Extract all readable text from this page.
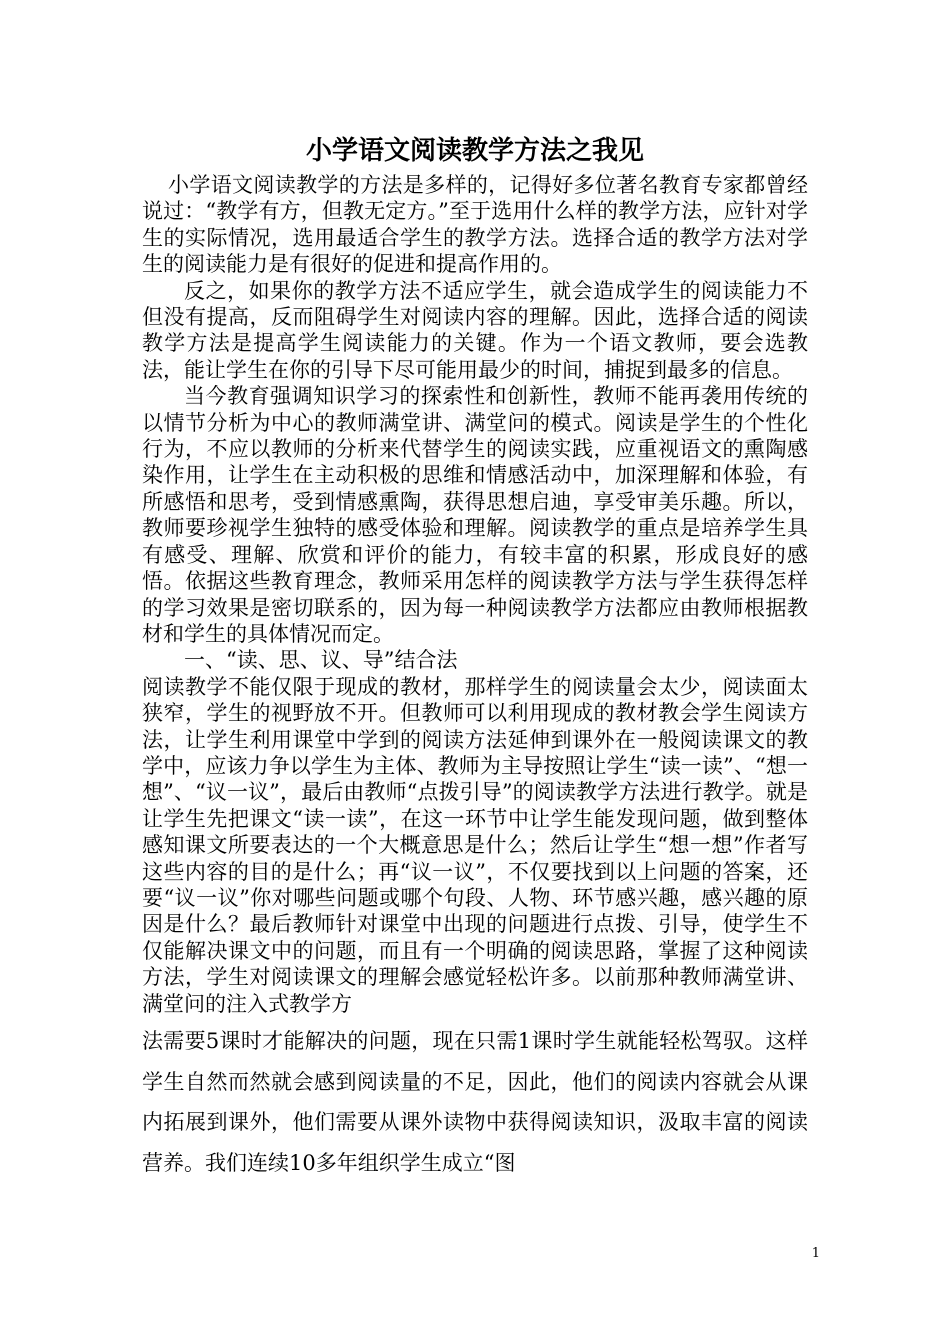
小学语文阅读教学方法之我见

小学语文阅读教学的方法是多样的，记得好多位著名教育专家都曾经说过：“教学有方，但教无定方。”至于选用什么样的教学方法，应针对学生的实际情况，选用最适合学生的教学方法。选择合适的教学方法对学生的阅读能力是有很好的促进和提高作用的。

反之，如果你的教学方法不适应学生，就会造成学生的阅读能力不但没有提高，反而阻碍学生对阅读内容的理解。因此，选择合适的阅读教学方法是提高学生阅读能力的关键。作为一个语文教师，要会选教法，能让学生在你的引导下尽可能用最少的时间，捕捉到最多的信息。

当今教育强调知识学习的探索性和创新性，教师不能再袭用传统的以情节分析为中心的教师满堂讲、满堂问的模式。阅读是学生的个性化行为，不应以教师的分析来代替学生的阅读实践，应重视语文的熏陶感染作用，让学生在主动积极的思维和情感活动中，加深理解和体验，有所感悟和思考，受到情感熏陶，获得思想启迪，享受审美乐趣。所以，教师要珍视学生独特的感受体验和理解。阅读教学的重点是培养学生具有感受、理解、欣赏和评价的能力，有较丰富的积累，形成良好的感悟。依据这些教育理念，教师采用怎样的阅读教学方法与学生获得怎样的学习效果是密切联系的，因为每一种阅读教学方法都应由教师根据教材和学生的具体情况而定。

一、“读、思、议、导”结合法

阅读教学不能仅限于现成的教材，那样学生的阅读量会太少，阅读面太狭窄，学生的视野放不开。但教师可以利用现成的教材教会学生阅读方法，让学生利用课堂中学到的阅读方法延伸到课外在一般阅读课文的教学中，应该力争以学生为主体、教师为主导按照让学生“读一读”、“想一想”、“议一议”，最后由教师“点拨引导”的阅读教学方法进行教学。就是让学生先把课文“读一读”，在这一环节中让学生能发现问题，做到整体感知课文所要表达的一个大概意思是什么；然后让学生“想一想”作者写这些内容的目的是什么；再“议一议”，不仅要找到以上问题的答案，还要“议一议”你对哪些问题或哪个句段、人物、环节感兴趣，感兴趣的原因是什么？最后教师针对课堂中出现的问题进行点拨、引导，使学生不仅能解决课文中的问题，而且有一个明确的阅读思路，掌握了这种阅读方法，学生对阅读课文的理解会感觉轻松许多。以前那种教师满堂讲、满堂问的注入式教学方

法需要5课时才能解决的问题，现在只需1课时学生就能轻松驾驭。这样学生自然而然就会感到阅读量的不足，因此，他们的阅读内容就会从课内拓展到课外，他们需要从课外读物中获得阅读知识，汲取丰富的阅读营养。我们连续10多年组织学生成立“图

1
